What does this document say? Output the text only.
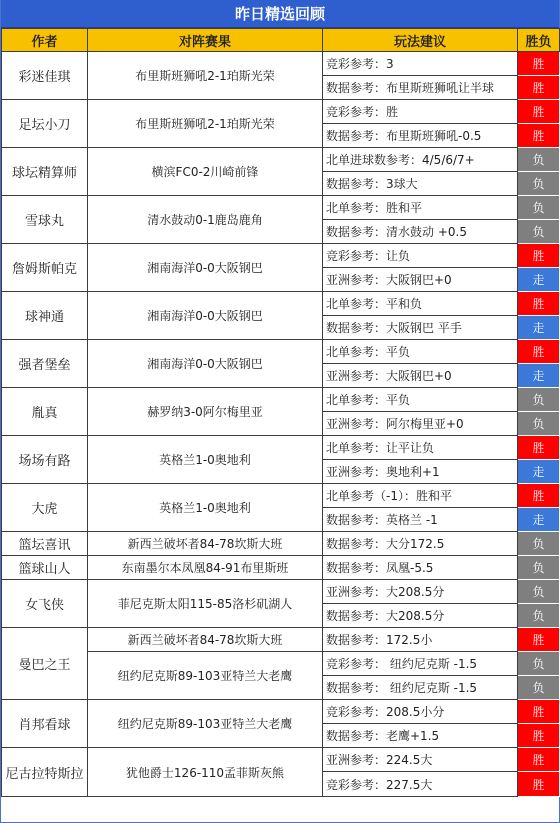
昨日精选回顾
作者	对阵赛果	玩法建议	胜负
彩迷佳琪	布里斯班狮吼2-1珀斯光荣	竞彩参考：3	胜
		数据参考：布里斯班狮吼让半球	胜
足坛小刀	布里斯班狮吼2-1珀斯光荣	竞彩参考：胜	胜
		数据参考：布里斯班狮吼-0.5	胜
球坛精算师	横滨FC0-2川崎前锋	北单进球数参考：4/5/6/7+	负
		数据参考：3球大	负
雪球丸	清水鼓动0-1鹿岛鹿角	北单参考：胜和平	负
		数据参考：清水鼓动 +0.5	负
詹姆斯帕克	湘南海洋0-0大阪钢巴	竞彩参考：让负	胜
		亚洲参考：大阪钢巴+0	走
球神通	湘南海洋0-0大阪钢巴	北单参考：平和负	胜
		数据参考：大阪钢巴 平手	走
强者堡垒	湘南海洋0-0大阪钢巴	北单参考：平负	胜
		亚洲参考：大阪钢巴+0	走
胤真	赫罗纳3-0阿尔梅里亚	北单参考：平负	负
		亚洲参考：阿尔梅里亚+0	负
场场有路	英格兰1-0奥地利	北单参考：让平让负	胜
		亚洲参考：奥地利+1	走
大虎	英格兰1-0奥地利	北单参考（-1）：胜和平	胜
		数据参考：英格兰 -1	走
篮坛喜讯	新西兰破坏者84-78坎斯大班	数据参考：大分172.5	负
篮球山人	东南墨尔本凤凰84-91布里斯班	数据参考：凤凰-5.5	负
女飞侠	菲尼克斯太阳115-85洛杉矶湖人	亚洲参考：大208.5分	负
		数据参考：大208.5分	负
曼巴之王	新西兰破坏者84-78坎斯大班	数据参考：172.5小	胜
	纽约尼克斯89-103亚特兰大老鹰	竞彩参考： 纽约尼克斯 -1.5	负
		数据参考： 纽约尼克斯 -1.5	负
肖邦看球	纽约尼克斯89-103亚特兰大老鹰	竞彩参考：208.5小分	胜
		数据参考：老鹰+1.5	胜
尼古拉特斯拉	犹他爵士126-110孟菲斯灰熊	亚洲参考：224.5大	胜
		竞彩参考：227.5大	胜
